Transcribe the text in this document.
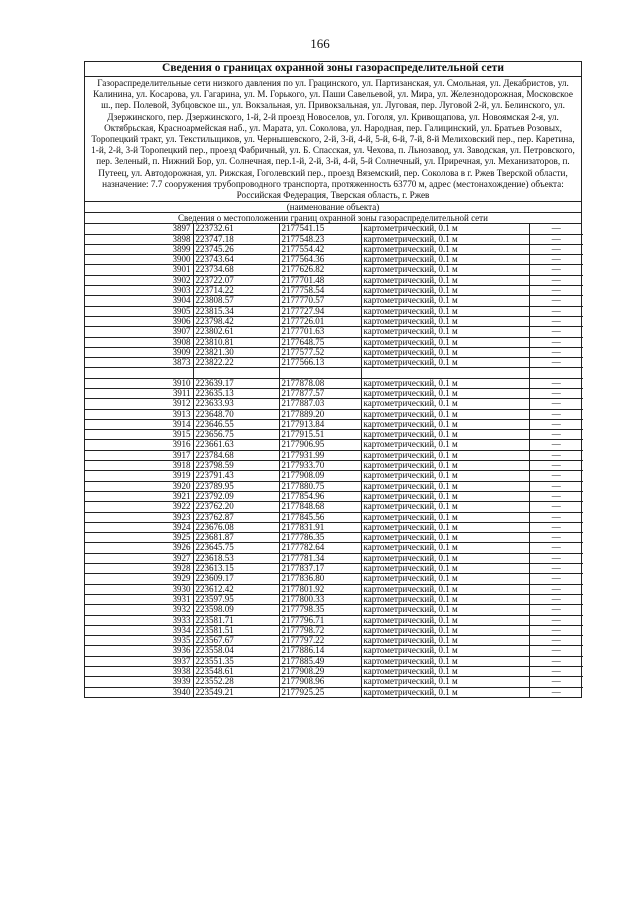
166
Сведения о границах охранной зоны газораспределительной сети
Газораспределительные сети низкого давления по ул. Грацинского, ул. Партизанская, ул. Смольная, ул. Декабристов, ул. Калинина, ул. Косарова, ул. Гагарина, ул. М. Горького, ул. Паши Савельевой, ул. Мира, ул. Железнодорожная, Московское ш., пер. Полевой, Зубцовское ш., ул. Вокзальная, ул. Привокзальная, ул. Луговая, пер. Луговой 2-й, ул. Белинского, ул. Дзержинского, пер. Дзержинского, 1-й, 2-й проезд Новоселов, ул. Гоголя, ул. Кривощапова, ул. Новоямская 2-я, ул. Октябрьская, Красноармейская наб., ул. Марата, ул. Соколова, ул. Народная, пер. Галицинский, ул. Братьев Розовых, Торопецкий тракт, ул. Текстильщиков, ул. Чернышевского, 2-й, 3-й, 4-й, 5-й, 6-й, 7-й, 8-й Мелиховский пер., пер. Каретина, 1-й, 2-й, 3-й Торопецкий пер., проезд Фабричный, ул. Б. Спасская, ул. Чехова, п. Льнозавод, ул. Заводская, ул. Петровского, пер. Зеленый, п. Нижний Бор, ул. Солнечная, пер.1-й, 2-й, 3-й, 4-й, 5-й Солнечный, ул. Приречная, ул. Механизаторов, п. Путеец, ул. Автодорожная, ул. Рижская, Гоголевский пер., проезд Вяземский, пер. Соколова в г. Ржев Тверской области, назначение: 7.7 сооружения трубопроводного транспорта, протяженность 63770 м, адрес (местонахождение) объекта: Российская Федерация, Тверская область, г. Ржев
(наименование объекта)
Сведения о местоположении границ охранной зоны газораспределительной сети
3897	223732.61	2177541.15	картометрический, 0.1 м	—
3898	223747.18	2177548.23	картометрический, 0.1 м	—
3899	223745.26	2177554.42	картометрический, 0.1 м	—
3900	223743.64	2177564.36	картометрический, 0.1 м	—
3901	223734.68	2177626.82	картометрический, 0.1 м	—
3902	223722.07	2177701.48	картометрический, 0.1 м	—
3903	223714.22	2177758.54	картометрический, 0.1 м	—
3904	223808.57	2177770.57	картометрический, 0.1 м	—
3905	223815.34	2177727.94	картометрический, 0.1 м	—
3906	223798.42	2177726.01	картометрический, 0.1 м	—
3907	223802.61	2177701.63	картометрический, 0.1 м	—
3908	223810.81	2177648.75	картометрический, 0.1 м	—
3909	223821.30	2177577.52	картометрический, 0.1 м	—
3873	223822.22	2177566.13	картометрический, 0.1 м	—

3910	223639.17	2177878.08	картометрический, 0.1 м	—
3911	223635.13	2177877.57	картометрический, 0.1 м	—
3912	223633.93	2177887.03	картометрический, 0.1 м	—
3913	223648.70	2177889.20	картометрический, 0.1 м	—
3914	223646.55	2177913.84	картометрический, 0.1 м	—
3915	223656.75	2177915.51	картометрический, 0.1 м	—
3916	223661.63	2177906.95	картометрический, 0.1 м	—
3917	223784.68	2177931.99	картометрический, 0.1 м	—
3918	223798.59	2177933.70	картометрический, 0.1 м	—
3919	223791.43	2177908.09	картометрический, 0.1 м	—
3920	223789.95	2177880.75	картометрический, 0.1 м	—
3921	223792.09	2177854.96	картометрический, 0.1 м	—
3922	223762.20	2177848.68	картометрический, 0.1 м	—
3923	223762.87	2177845.56	картометрический, 0.1 м	—
3924	223676.08	2177831.91	картометрический, 0.1 м	—
3925	223681.87	2177786.35	картометрический, 0.1 м	—
3926	223645.75	2177782.64	картометрический, 0.1 м	—
3927	223618.53	2177781.34	картометрический, 0.1 м	—
3928	223613.15	2177837.17	картометрический, 0.1 м	—
3929	223609.17	2177836.80	картометрический, 0.1 м	—
3930	223612.42	2177801.92	картометрический, 0.1 м	—
3931	223597.95	2177800.33	картометрический, 0.1 м	—
3932	223598.09	2177798.35	картометрический, 0.1 м	—
3933	223581.71	2177796.71	картометрический, 0.1 м	—
3934	223581.51	2177798.72	картометрический, 0.1 м	—
3935	223567.67	2177797.22	картометрический, 0.1 м	—
3936	223558.04	2177886.14	картометрический, 0.1 м	—
3937	223551.35	2177885.49	картометрический, 0.1 м	—
3938	223548.61	2177908.29	картометрический, 0.1 м	—
3939	223552.28	2177908.96	картометрический, 0.1 м	—
3940	223549.21	2177925.25	картометрический, 0.1 м	—
